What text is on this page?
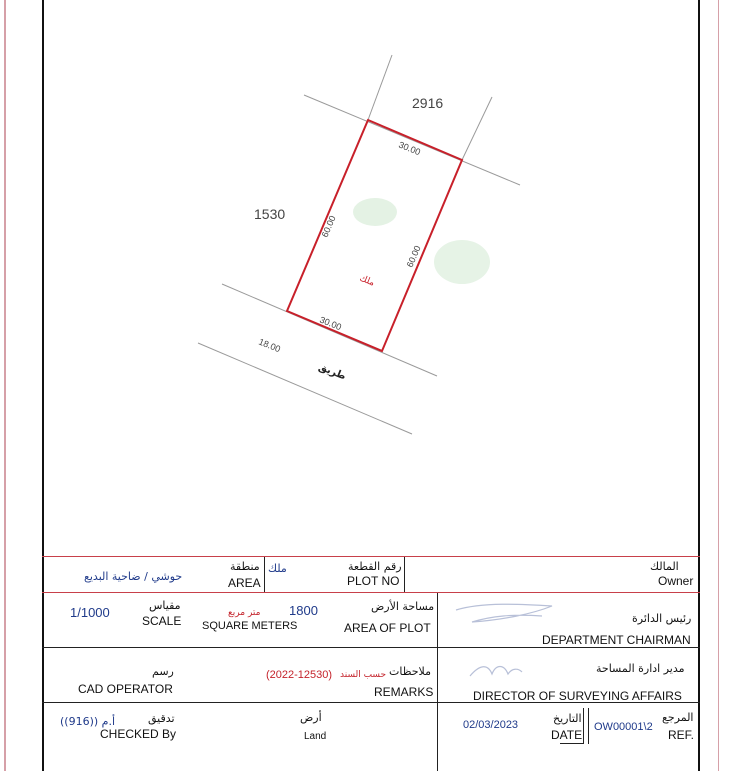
2916
1530
30.00
60.00
60.00
30.00
18.00
طريق
ملك
المالك
Owner
رقم القطعة
PLOT NO
ملك
منطقة
AREA
حوشي / ضاحية البديع
رئيس الدائرة
DEPARTMENT CHAIRMAN
مساحة الأرض
AREA OF PLOT
1800
متر مربع
SQUARE METERS
مقياس
SCALE
1/1000
مدير ادارة المساحة
DIRECTOR OF SURVEYING AFFAIRS
ملاحظات
REMARKS
حسب السند
(2022-12530)
رسم
CAD OPERATOR
المرجع
REF.
OW00001\2
التاريخ
DATE
02/03/2023
أرض
Land
تدقيق
CHECKED By
أ.م ((916))
